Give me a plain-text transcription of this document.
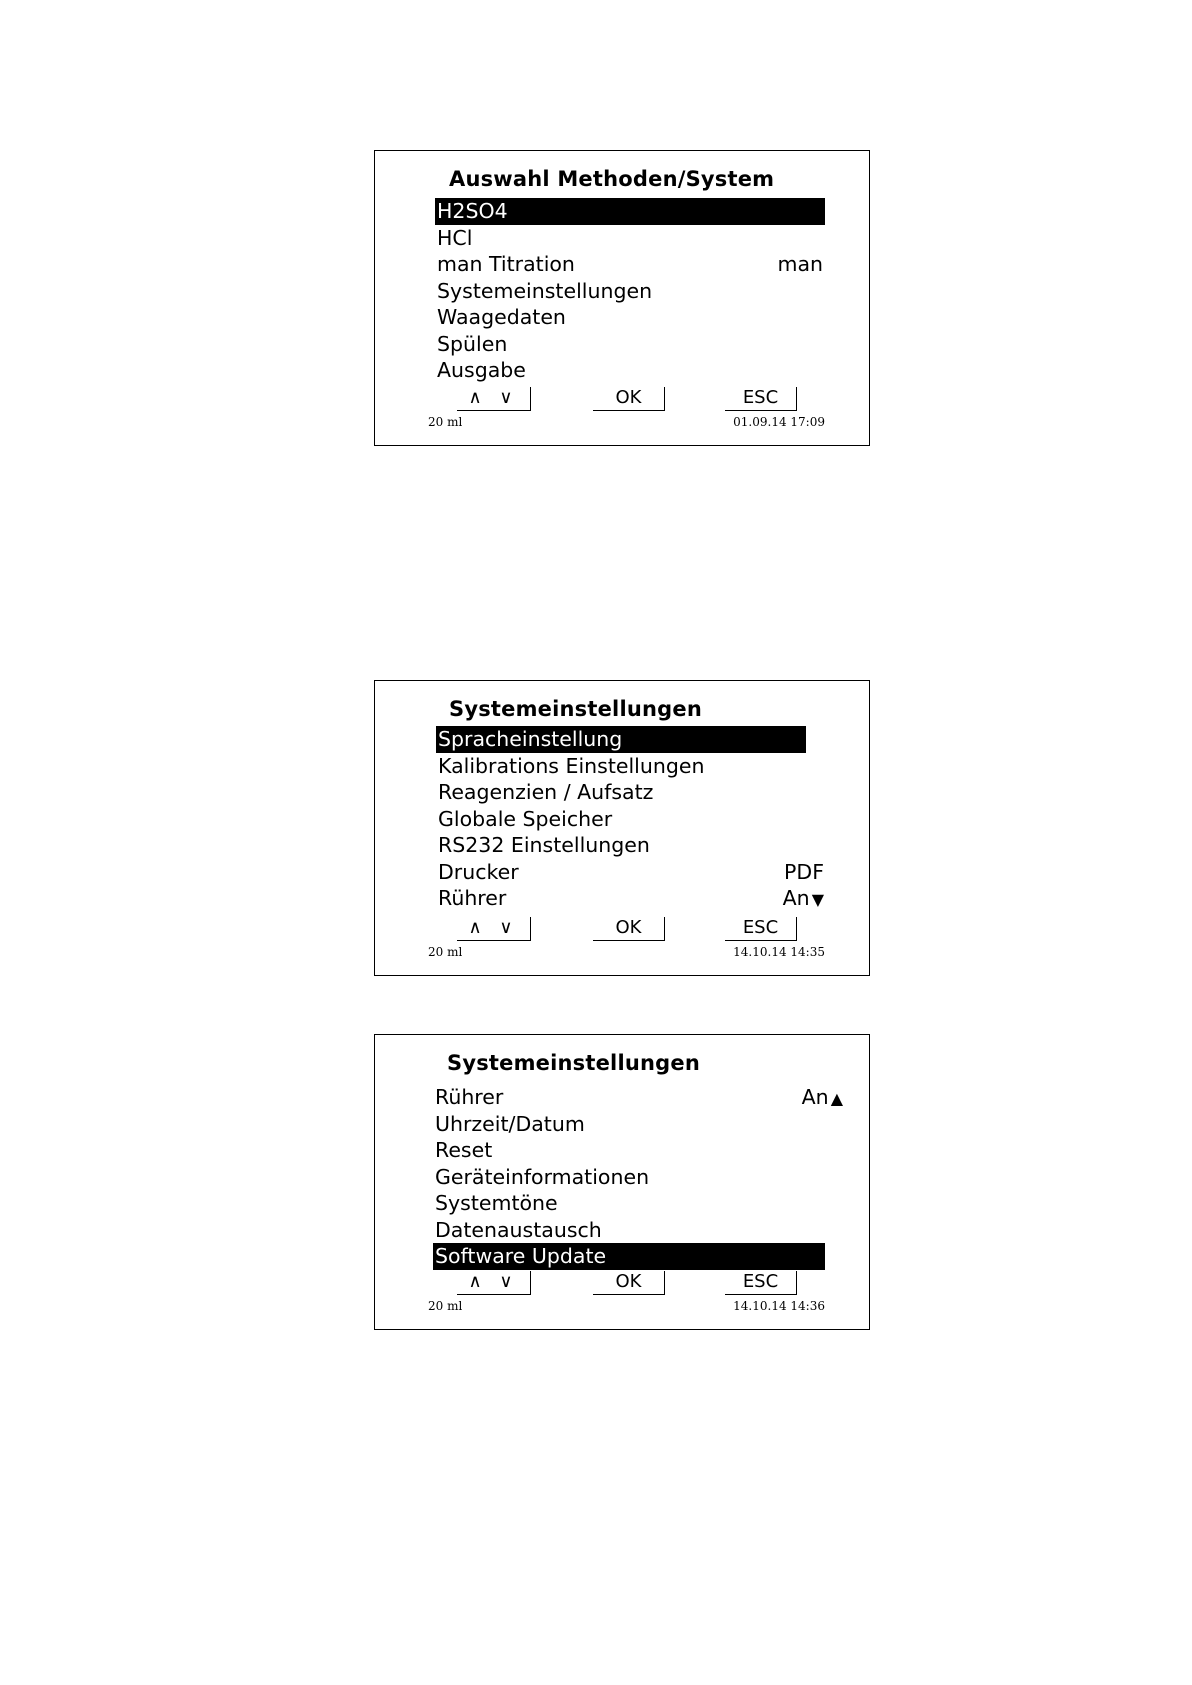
Auswahl Methoden/System
H2SO4
HCl
man Titration	man
Systemeinstellungen
Waagedaten
Spülen
Ausgabe
∧ ∨	OK	ESC
20 ml	01.09.14 17:09
Systemeinstellungen
Spracheinstellung
Kalibrations Einstellungen
Reagenzien / Aufsatz
Globale Speicher
RS232 Einstellungen
Drucker	PDF
Rührer	An ▼
∧ ∨	OK	ESC
20 ml	14.10.14 14:35
Systemeinstellungen
Rührer	An ▲
Uhrzeit/Datum
Reset
Geräteinformationen
Systemtöne
Datenaustausch
Software Update
∧ ∨	OK	ESC
20 ml	14.10.14 14:36
